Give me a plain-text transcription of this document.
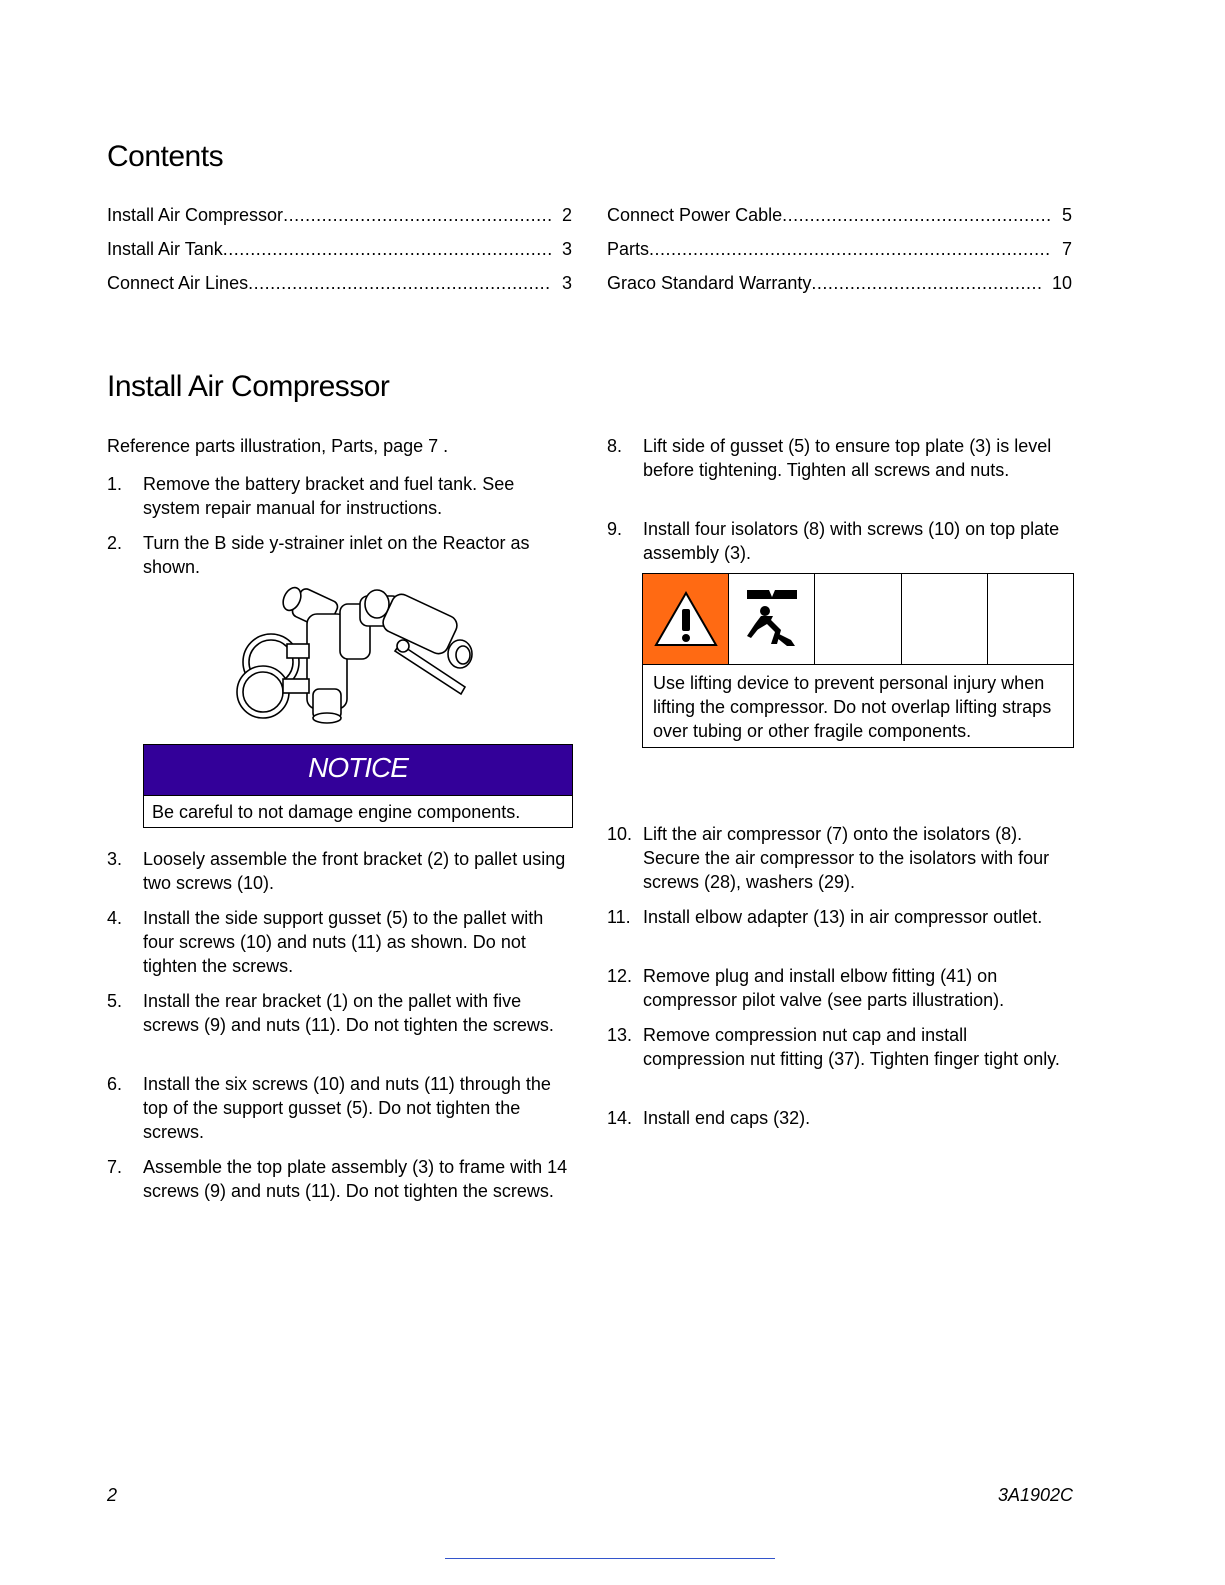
Contents
Install Air Compressor .....	2
Install Air Tank .....	3
Connect Air Lines .....	3
Connect Power Cable .....	5
Parts .....	7
Graco Standard Warranty .....	10
Install Air Compressor
Reference parts illustration, Parts, page 7 .
1.	Remove the battery bracket and fuel tank. See system repair manual for instructions.
2.	Turn the B side y-strainer inlet on the Reactor as shown.
NOTICE
Be careful to not damage engine components.
3.	Loosely assemble the front bracket (2) to pallet using two screws (10).
4.	Install the side support gusset (5) to the pallet with four screws (10) and nuts (11) as shown. Do not tighten the screws.
5.	Install the rear bracket (1) on the pallet with five screws (9) and nuts (11). Do not tighten the screws.
6.	Install the six screws (10) and nuts (11) through the top of the support gusset (5). Do not tighten the screws.
7.	Assemble the top plate assembly (3) to frame with 14 screws (9) and nuts (11). Do not tighten the screws.
8.	Lift side of gusset (5) to ensure top plate (3) is level before tightening. Tighten all screws and nuts.
9.	Install four isolators (8) with screws (10) on top plate assembly (3).
Use lifting device to prevent personal injury when lifting the compressor. Do not overlap lifting straps over tubing or other fragile components.
10. Lift the air compressor (7) onto the isolators (8). Secure the air compressor to the isolators with four screws (28), washers (29).
11. Install elbow adapter (13) in air compressor outlet.
12. Remove plug and install elbow fitting (41) on compressor pilot valve (see parts illustration).
13. Remove compression nut cap and install compression nut fitting (37). Tighten finger tight only.
14. Install end caps (32).
2	3A1902C
